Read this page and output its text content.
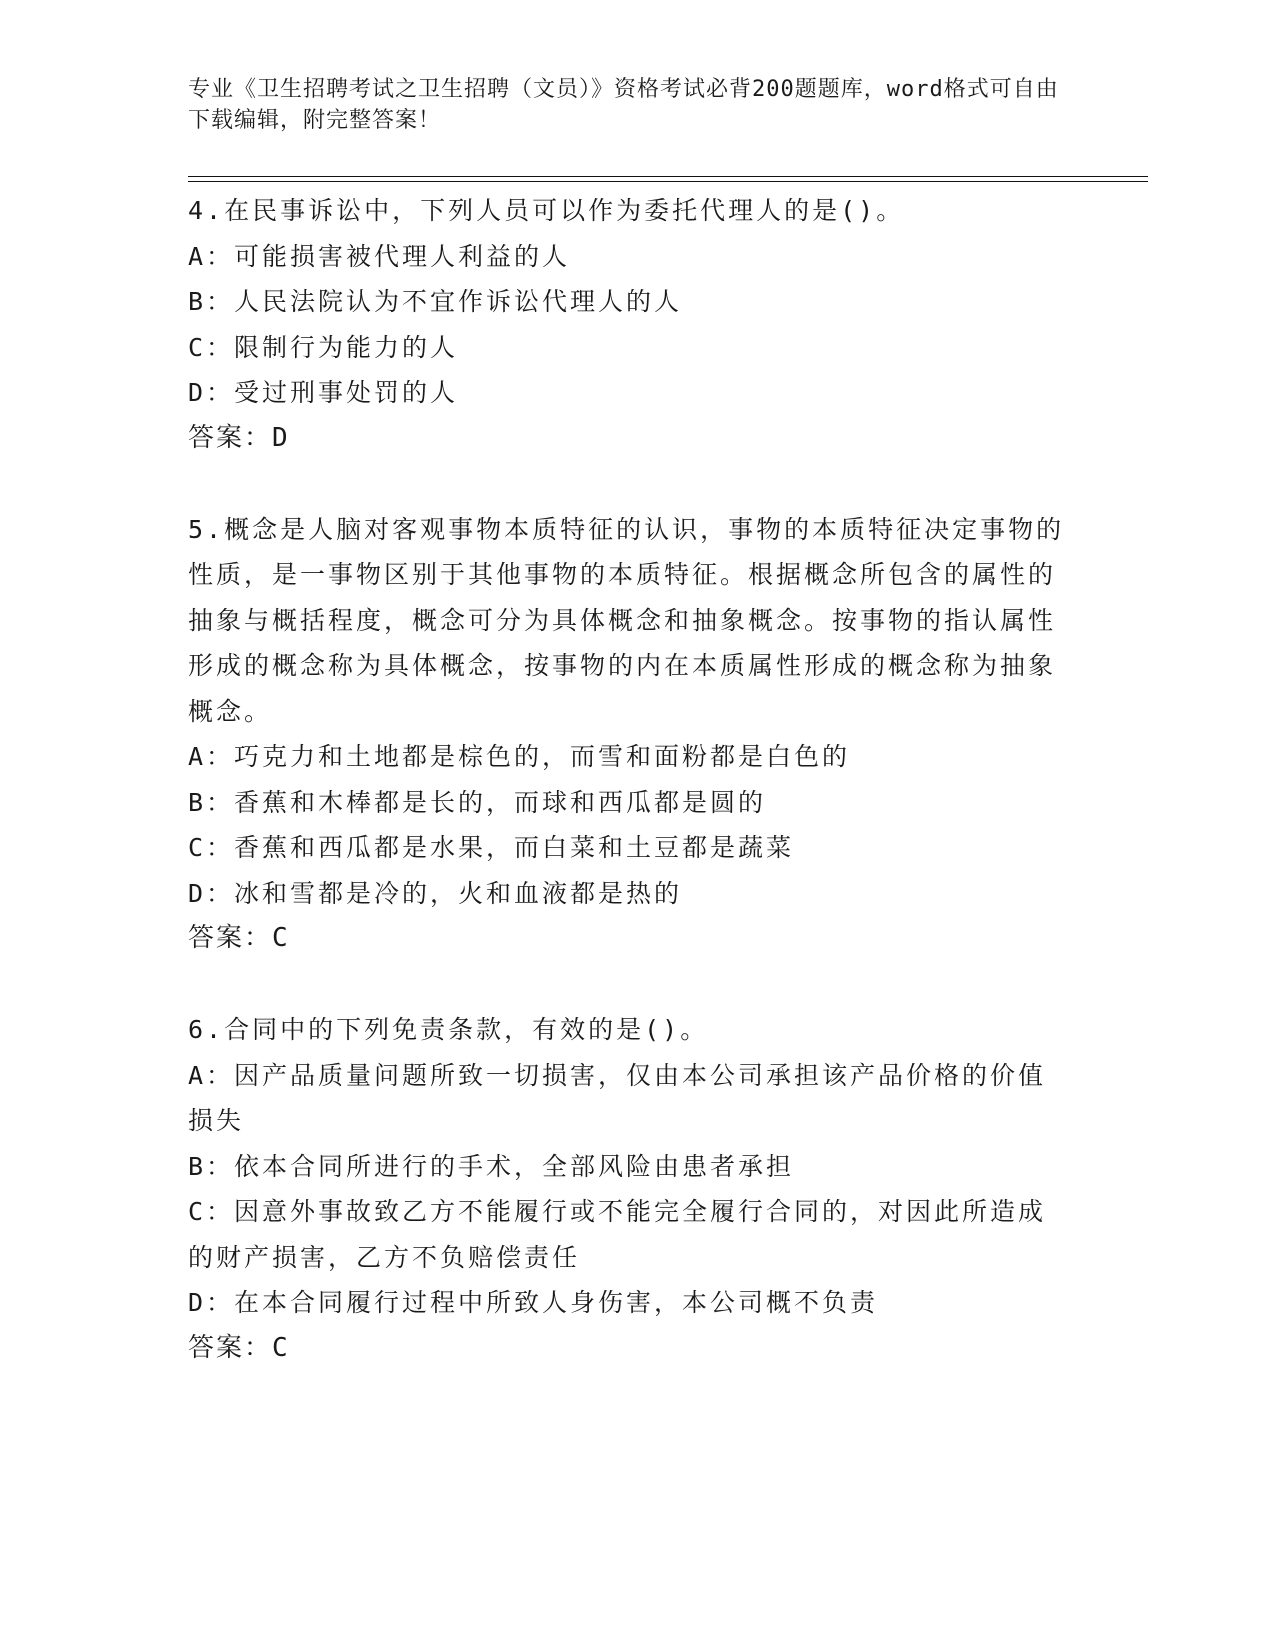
专业《卫生招聘考试之卫生招聘（文员）》资格考试必背200题题库，word格式可自由下载编辑，附完整答案！

4.在民事诉讼中，下列人员可以作为委托代理人的是()。

A：可能损害被代理人利益的人

B：人民法院认为不宜作诉讼代理人的人

C：限制行为能力的人

D：受过刑事处罚的人

答案：D

5.概念是人脑对客观事物本质特征的认识，事物的本质特征决定事物的性质，是一事物区别于其他事物的本质特征。根据概念所包含的属性的抽象与概括程度，概念可分为具体概念和抽象概念。按事物的指认属性形成的概念称为具体概念，按事物的内在本质属性形成的概念称为抽象概念。

A：巧克力和土地都是棕色的，而雪和面粉都是白色的

B：香蕉和木棒都是长的，而球和西瓜都是圆的

C：香蕉和西瓜都是水果，而白菜和土豆都是蔬菜

D：冰和雪都是冷的，火和血液都是热的

答案：C

6.合同中的下列免责条款，有效的是()。

A：因产品质量问题所致一切损害，仅由本公司承担该产品价格的价值损失

B：依本合同所进行的手术，全部风险由患者承担

C：因意外事故致乙方不能履行或不能完全履行合同的，对因此所造成的财产损害，乙方不负赔偿责任

D：在本合同履行过程中所致人身伤害，本公司概不负责

答案：C
